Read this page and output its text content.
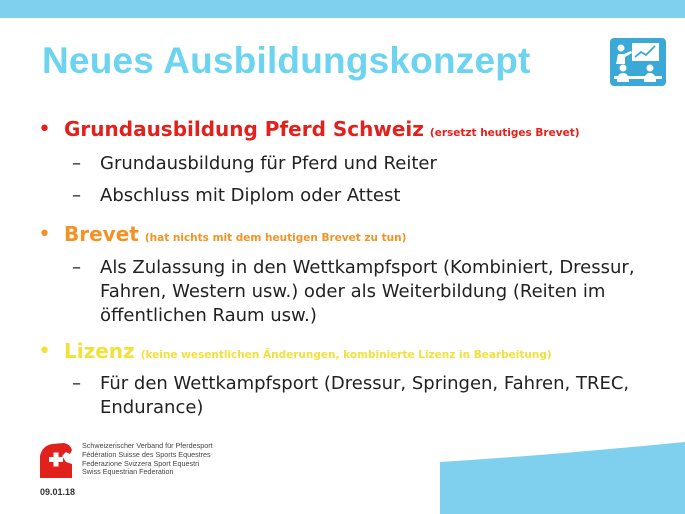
Neues Ausbildungskonzept
• Grundausbildung Pferd Schweiz (ersetzt heutiges Brevet)
–	Grundausbildung für Pferd und Reiter
–	Abschluss mit Diplom oder Attest
• Brevet (hat nichts mit dem heutigen Brevet zu tun)
–	Als Zulassung in den Wettkampfsport (Kombiniert, Dressur,
Fahren, Western usw.) oder als Weiterbildung (Reiten im
öffentlichen Raum usw.)
• Lizenz (keine wesentlichen Änderungen, kombinierte Lizenz in Bearbeitung)
–	Für den Wettkampfsport (Dressur, Springen, Fahren, TREC,
Endurance)
Schweizerischer Verband für Pferdesport
Fédération Suisse des Sports Equestres
Federazione Svizzera Sport Equestri
Swiss Equestrian Federation
09.01.18
